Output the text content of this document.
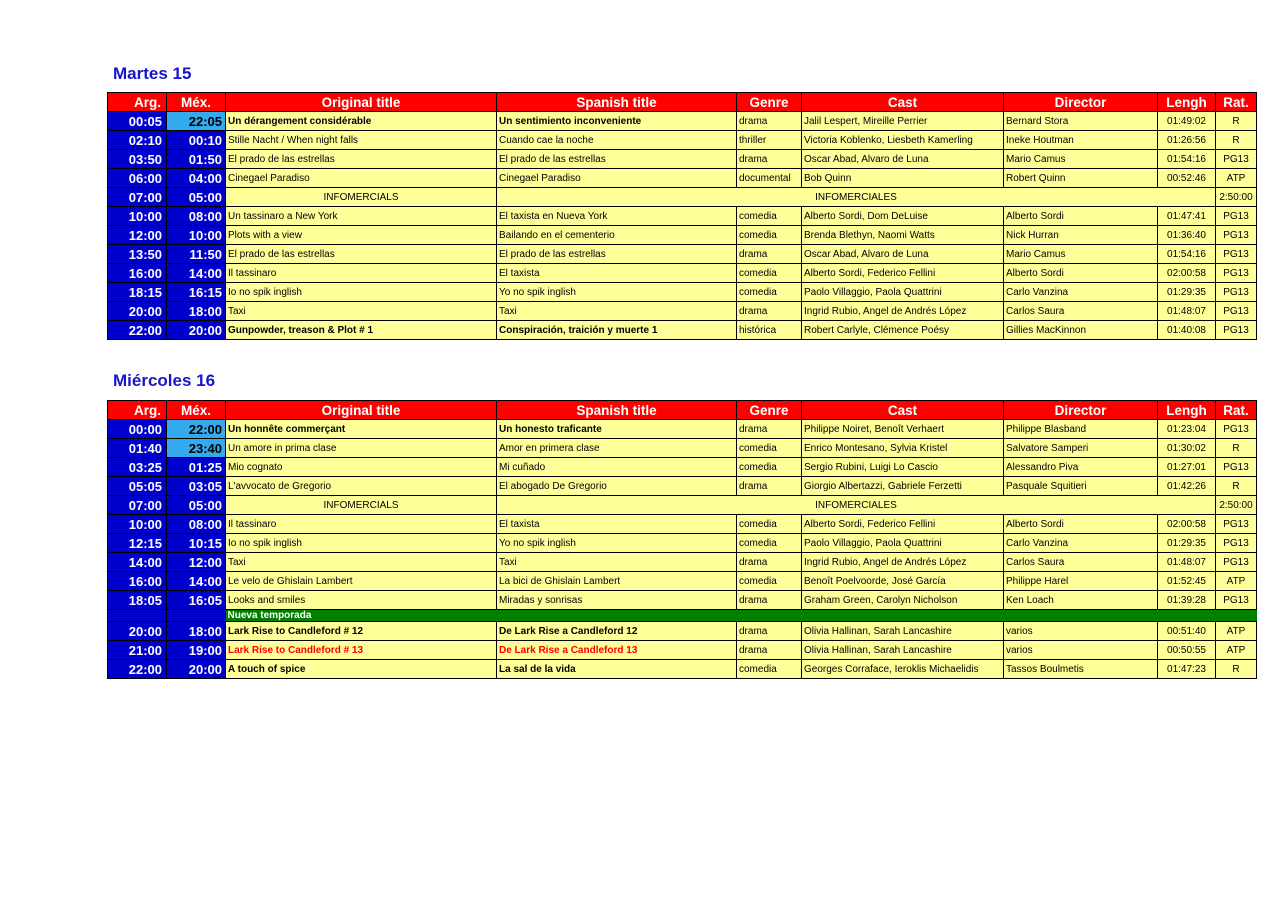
Martes 15
Arg.	Méx.	Original title	Spanish title	Genre	Cast	Director	Lengh	Rat.	
00:05	22:05	Un dérangement considérable	Un sentimiento inconveniente	drama	Jalil Lespert, Mireille Perrier	Bernard Stora	01:49:02	R	
02:10	00:10	Stille Nacht / When night falls	Cuando cae la noche	thriller	Victoria Koblenko, Liesbeth Kamerling	Ineke Houtman	01:26:56	R	
03:50	01:50	El prado de las estrellas	El prado de las estrellas	drama	Oscar Abad, Alvaro de Luna	Mario Camus	01:54:16	PG13	
06:00	04:00	Cinegael Paradiso	Cinegael Paradiso	documental	Bob Quinn	Robert Quinn	00:52:46	ATP	
07:00	05:00	INFOMERCIALS	INFOMERCIALES					2:50:00	
10:00	08:00	Un tassinaro a New York	El taxista en Nueva York	comedia	Alberto Sordi, Dom DeLuise	Alberto Sordi	01:47:41	PG13	
12:00	10:00	Plots with a view	Bailando en el cementerio	comedia	Brenda Blethyn, Naomi Watts	Nick Hurran	01:36:40	PG13	
13:50	11:50	El prado de las estrellas	El prado de las estrellas	drama	Oscar Abad, Alvaro de Luna	Mario Camus	01:54:16	PG13	
16:00	14:00	Il tassinaro	El taxista	comedia	Alberto Sordi, Federico Fellini	Alberto Sordi	02:00:58	PG13	
18:15	16:15	Io no spik inglish	Yo no spik inglish	comedia	Paolo Villaggio, Paola Quattrini	Carlo Vanzina	01:29:35	PG13	
20:00	18:00	Taxi	Taxi	drama	Ingrid Rubio, Angel de Andrés López	Carlos Saura	01:48:07	PG13	
22:00	20:00	Gunpowder, treason & Plot # 1	Conspiración, traición y muerte 1	histórica	Robert Carlyle, Clémence Poésy	Gillies MacKinnon	01:40:08	PG13	
Miércoles 16
Arg.	Méx.	Original title	Spanish title	Genre	Cast	Director	Lengh	Rat.	
00:00	22:00	Un honnête commerçant	Un honesto traficante	drama	Philippe Noiret, Benoît Verhaert	Philippe Blasband	01:23:04	PG13	
01:40	23:40	Un amore in prima clase	Amor en primera clase	comedia	Enrico Montesano, Sylvia Kristel	Salvatore Samperi	01:30:02	R	
03:25	01:25	Mio cognato	Mi cuñado	comedia	Sergio Rubini, Luigi Lo Cascio	Alessandro Piva	01:27:01	PG13	
05:05	03:05	L'avvocato de Gregorio	El abogado De Gregorio	drama	Giorgio Albertazzi, Gabriele Ferzetti	Pasquale Squitieri	01:42:26	R	
07:00	05:00	INFOMERCIALS	INFOMERCIALES					2:50:00	
10:00	08:00	Il tassinaro	El taxista	comedia	Alberto Sordi, Federico Fellini	Alberto Sordi	02:00:58	PG13	
12:15	10:15	Io no spik inglish	Yo no spik inglish	comedia	Paolo Villaggio, Paola Quattrini	Carlo Vanzina	01:29:35	PG13	
14:00	12:00	Taxi	Taxi	drama	Ingrid Rubio, Angel de Andrés López	Carlos Saura	01:48:07	PG13	
16:00	14:00	Le velo de Ghislain Lambert	La bici de Ghislain Lambert	comedia	Benoît Poelvoorde, José García	Philippe Harel	01:52:45	ATP	
18:05	16:05	Looks and smiles	Miradas y sonrisas	drama	Graham Green, Carolyn Nicholson	Ken Loach	01:39:28	PG13	
		Nueva temporada							
20:00	18:00	Lark Rise to Candleford # 12	De Lark Rise a Candleford 12	drama	Olivia Hallinan, Sarah Lancashire	varios	00:51:40	ATP	
21:00	19:00	Lark Rise to Candleford # 13	De Lark Rise a Candleford 13	drama	Olivia Hallinan, Sarah Lancashire	varios	00:50:55	ATP	
22:00	20:00	A touch of spice	La sal de la vida	comedia	Georges Corraface, Ieroklis Michaelidis	Tassos Boulmetis	01:47:23	R	
